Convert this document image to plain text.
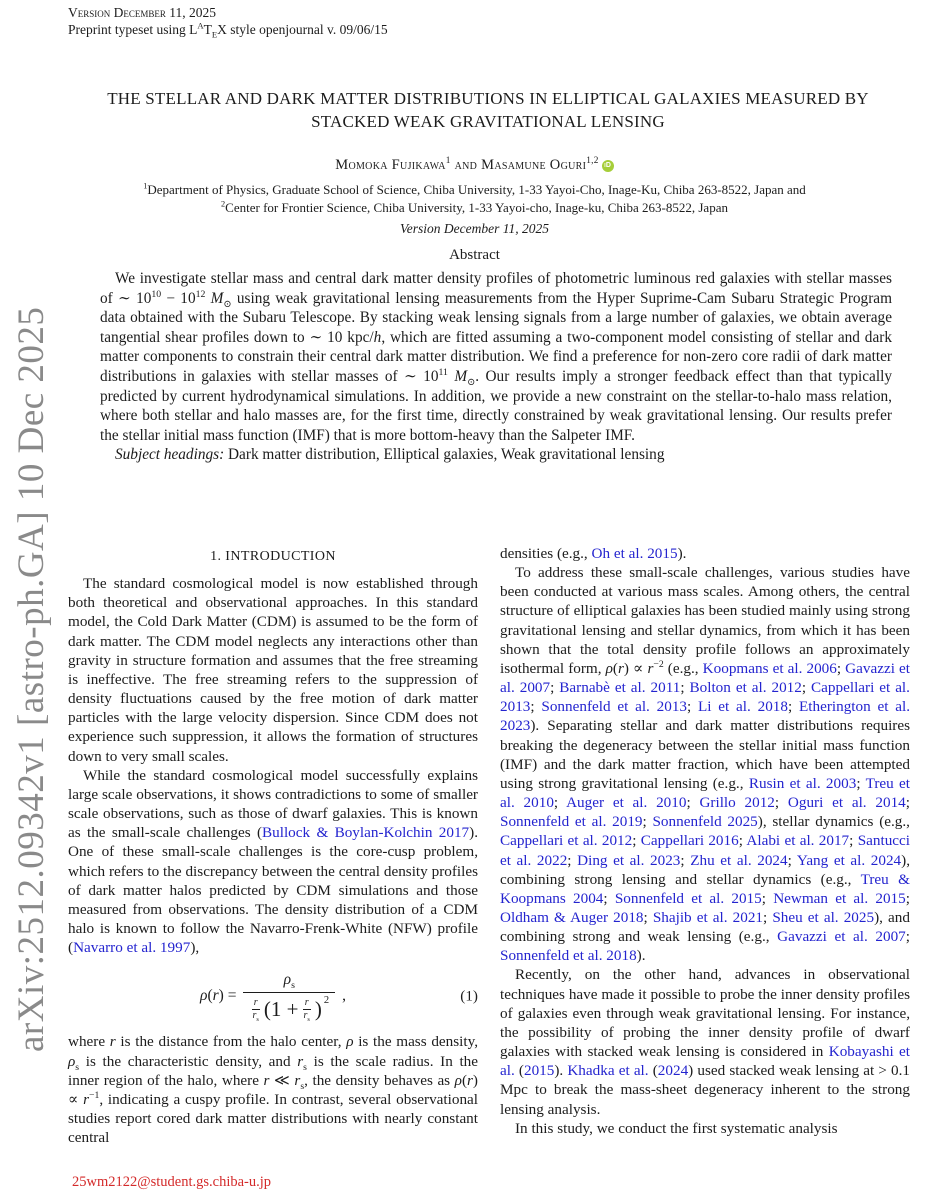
arXiv:2512.09342v1 [astro-ph.GA] 10 Dec 2025
Version December 11, 2025
Preprint typeset using $L^AT_EX$ style openjournal v. 09/06/15
THE STELLAR AND DARK MATTER DISTRIBUTIONS IN ELLIPTICAL GALAXIES MEASURED BY STACKED WEAK GRAVITATIONAL LENSING
Momoka Fujikawa$^1$ and Masamune Oguri$^{1,2}$ iD
$^1$Department of Physics, Graduate School of Science, Chiba University, 1-33 Yayoi-Cho, Inage-Ku, Chiba 263-8522, Japan and
$^2$Center for Frontier Science, Chiba University, 1-33 Yayoi-cho, Inage-ku, Chiba 263-8522, Japan
Version December 11, 2025
Abstract

We investigate stellar mass and central dark matter density profiles of photometric luminous red galaxies with stellar masses of ∼ $10^{10} - 10^{12}$ $M_⊙$ using weak gravitational lensing measurements from the Hyper Suprime-Cam Subaru Strategic Program data obtained with the Subaru Telescope. By stacking weak lensing signals from a large number of galaxies, we obtain average tangential shear profiles down to ∼ 10 kpc/h, which are fitted assuming a two-component model consisting of stellar and dark matter components to constrain their central dark matter distribution. We find a preference for non-zero core radii of dark matter distributions in galaxies with stellar masses of ∼ $10^{11}$ $M_⊙$. Our results imply a stronger feedback effect than that typically predicted by current hydrodynamical simulations. In addition, we provide a new constraint on the stellar-to-halo mass relation, where both stellar and halo masses are, for the first time, directly constrained by weak gravitational lensing. Our results prefer the stellar initial mass function (IMF) that is more bottom-heavy than the Salpeter IMF.

Subject headings: Dark matter distribution, Elliptical galaxies, Weak gravitational lensing

1. INTRODUCTION

The standard cosmological model is now established through both theoretical and observational approaches. In this standard model, the Cold Dark Matter (CDM) is assumed to be the form of dark matter. The CDM model neglects any interactions other than gravity in structure formation and assumes that the free streaming is ineffective. The free streaming refers to the suppression of density fluctuations caused by the free motion of dark matter particles with the large velocity dispersion. Since CDM does not experience such suppression, it allows the formation of structures down to very small scales.

While the standard cosmological model successfully explains large scale observations, it shows contradictions to some of smaller scale observations, such as those of dwarf galaxies. This is known as the small-scale challenges (Bullock & Boylan-Kolchin 2017). One of these small-scale challenges is the core-cusp problem, which refers to the discrepancy between the central density profiles of dark matter halos predicted by CDM simulations and those measured from observations. The density distribution of a CDM halo is known to follow the Navarro-Frenk-White (NFW) profile (Navarro et al. 1997),

ρ(r) =
$\rho_s$
r
$r_s$ ($1 + \frac{r}{r_s}$ ) 2 ,	(1)

where r is the distance from the halo center, ρ is the mass density, $\rho_s$ is the characteristic density, and $r_s$ is the scale radius. In the inner region of the halo, where r ≪ $r_s$, the density behaves as $\rho(r) \propto r^{-1}$, indicating a cuspy profile. In contrast, several observational studies report cored dark matter distributions with nearly constant central

densities (e.g., Oh et al. 2015).

To address these small-scale challenges, various studies have been conducted at various mass scales. Among others, the central structure of elliptical galaxies has been studied mainly using strong gravitational lensing and stellar dynamics, from which it has been shown that the total density profile follows an approximately isothermal form, $\rho(r) \propto r^{-2}$ (e.g., Koopmans et al. 2006; Gavazzi et al. 2007; Barnabè et al. 2011; Bolton et al. 2012; Cappellari et al. 2013; Sonnenfeld et al. 2013; Li et al. 2018; Etherington et al. 2023). Separating stellar and dark matter distributions requires breaking the degeneracy between the stellar initial mass function (IMF) and the dark matter fraction, which have been attempted using strong gravitational lensing (e.g., Rusin et al. 2003; Treu et al. 2010; Auger et al. 2010; Grillo 2012; Oguri et al. 2014; Sonnenfeld et al. 2019; Sonnenfeld 2025), stellar dynamics (e.g., Cappellari et al. 2012; Cappellari 2016; Alabi et al. 2017; Santucci et al. 2022; Ding et al. 2023; Zhu et al. 2024; Yang et al. 2024), combining strong lensing and stellar dynamics (e.g., Treu & Koopmans 2004; Sonnenfeld et al. 2015; Newman et al. 2015; Oldham & Auger 2018; Shajib et al. 2021; Sheu et al. 2025), and combining strong and weak lensing (e.g., Gavazzi et al. 2007; Sonnenfeld et al. 2018).

Recently, on the other hand, advances in observational techniques have made it possible to probe the inner density profiles of galaxies even through weak gravitational lensing. For instance, the possibility of probing the inner density profile of dwarf galaxies with stacked weak lensing is considered in Kobayashi et al. (2015). Khadka et al. (2024) used stacked weak lensing at > 0.1 Mpc to break the mass-sheet degeneracy inherent to the strong lensing analysis.

In this study, we conduct the first systematic analysis

25wm2122@student.gs.chiba-u.jp
